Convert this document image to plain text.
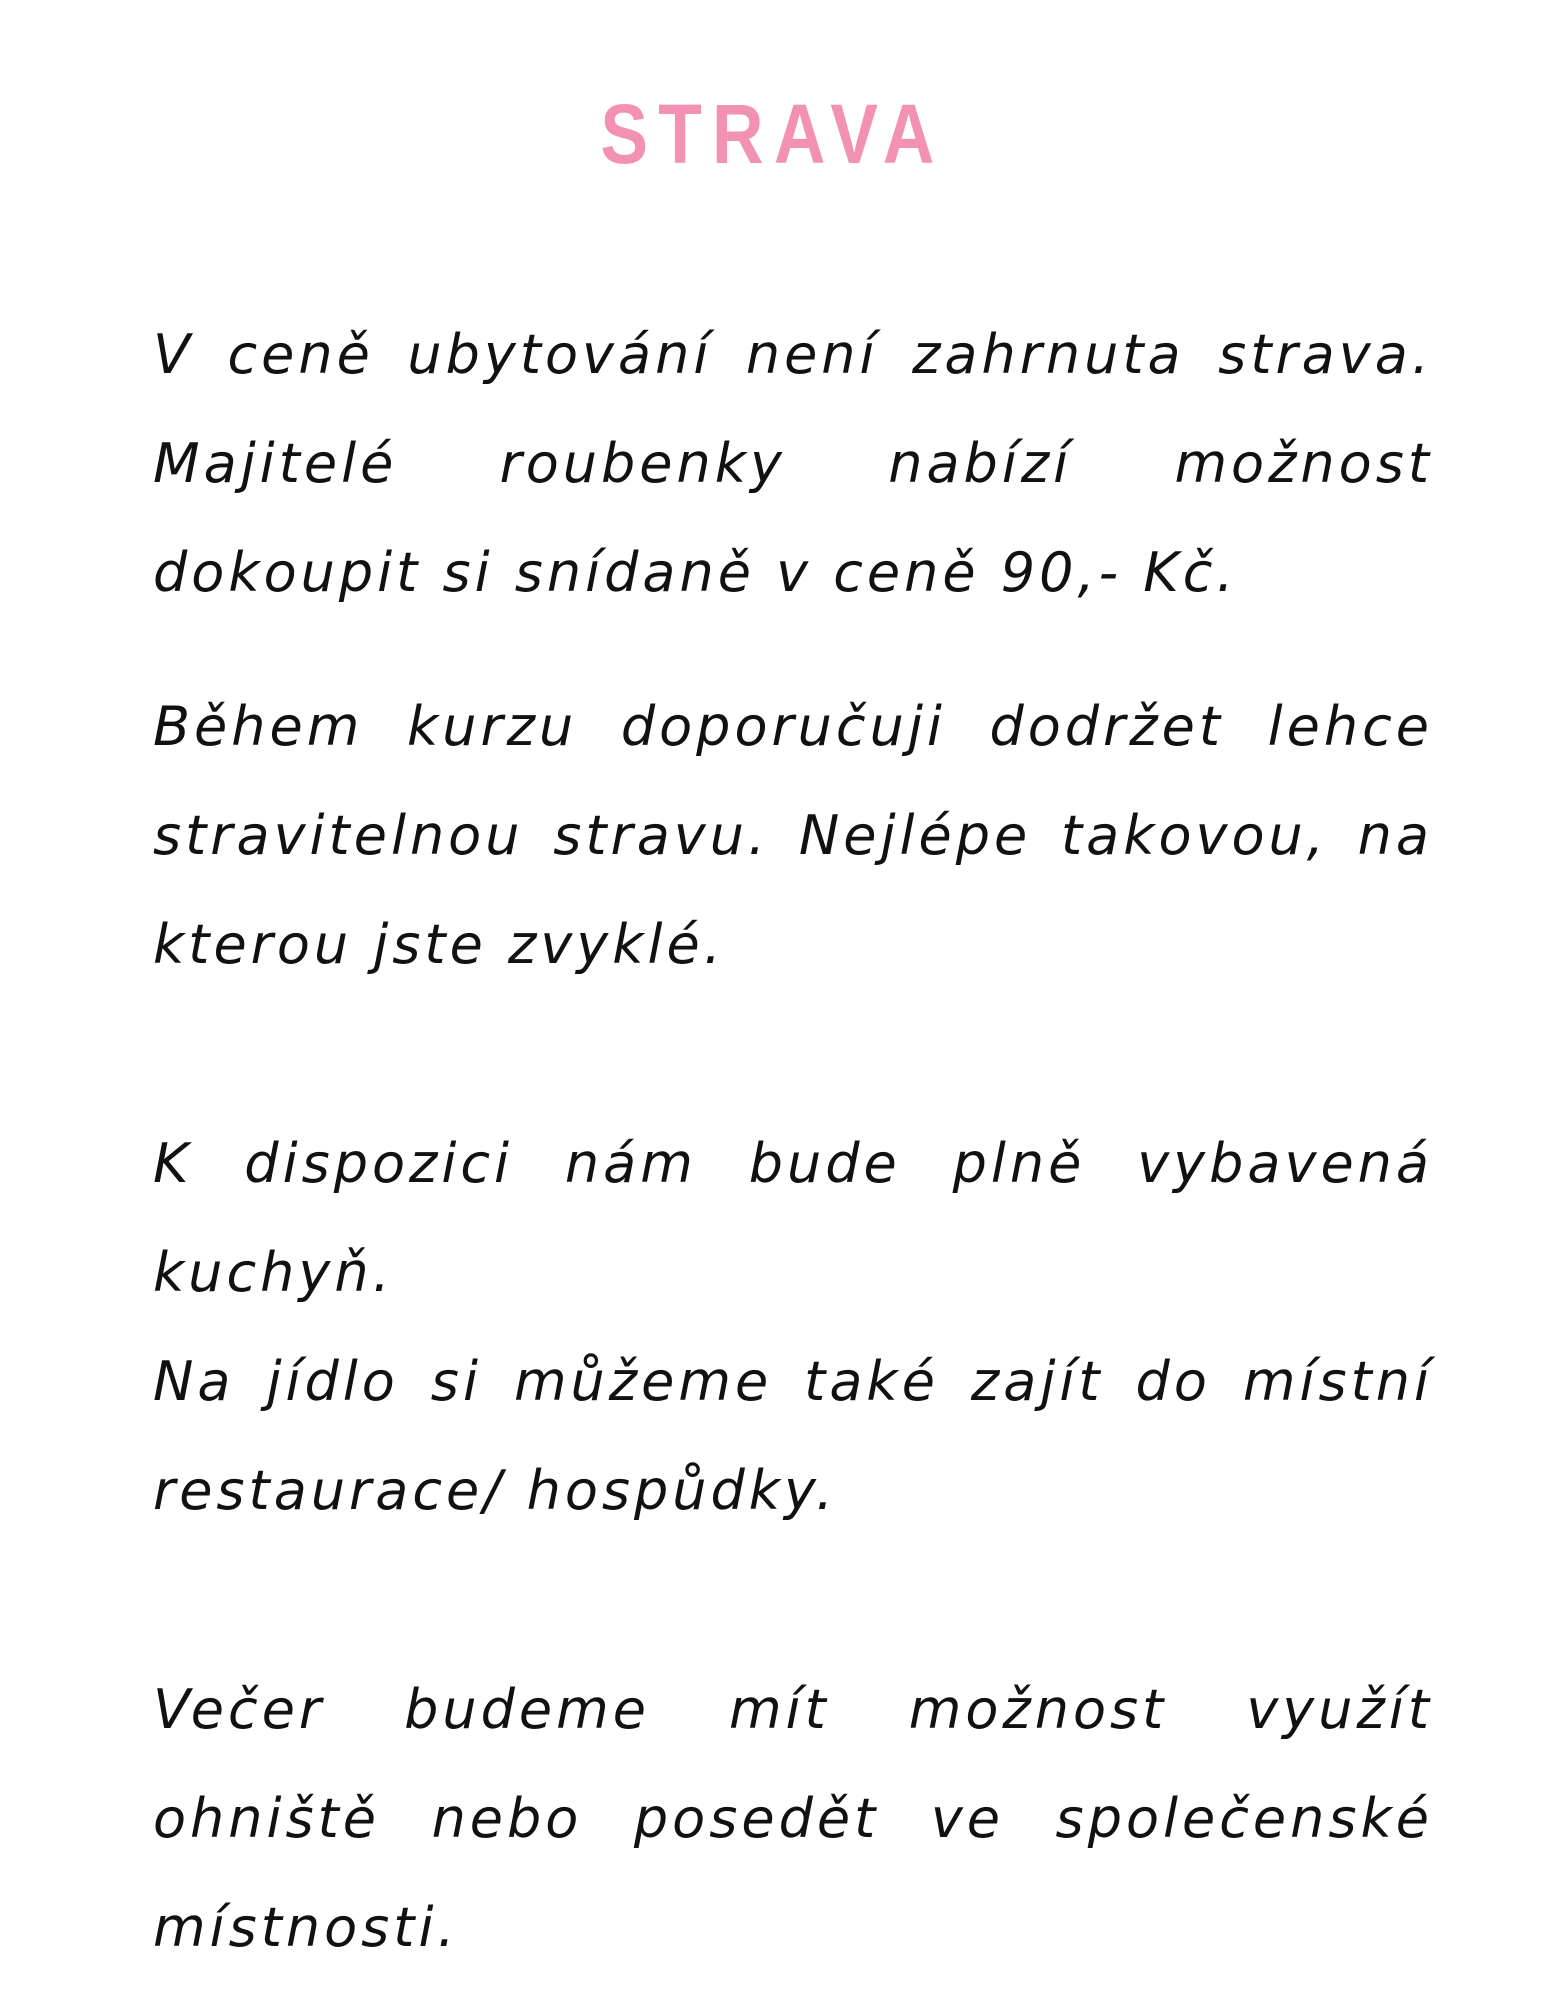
STRAVA

V ceně ubytování není zahrnuta strava. Majitelé roubenky nabízí možnost dokoupit si snídaně v ceně 90,- Kč.

Během kurzu doporučuji dodržet lehce stravitelnou stravu. Nejlépe takovou, na kterou jste zvyklé.

K dispozici nám bude plně vybavená kuchyň.

Na jídlo si můžeme také zajít do místní restaurace/ hospůdky.

Večer budeme mít možnost využít ohniště nebo posedět ve společenské místnosti.
